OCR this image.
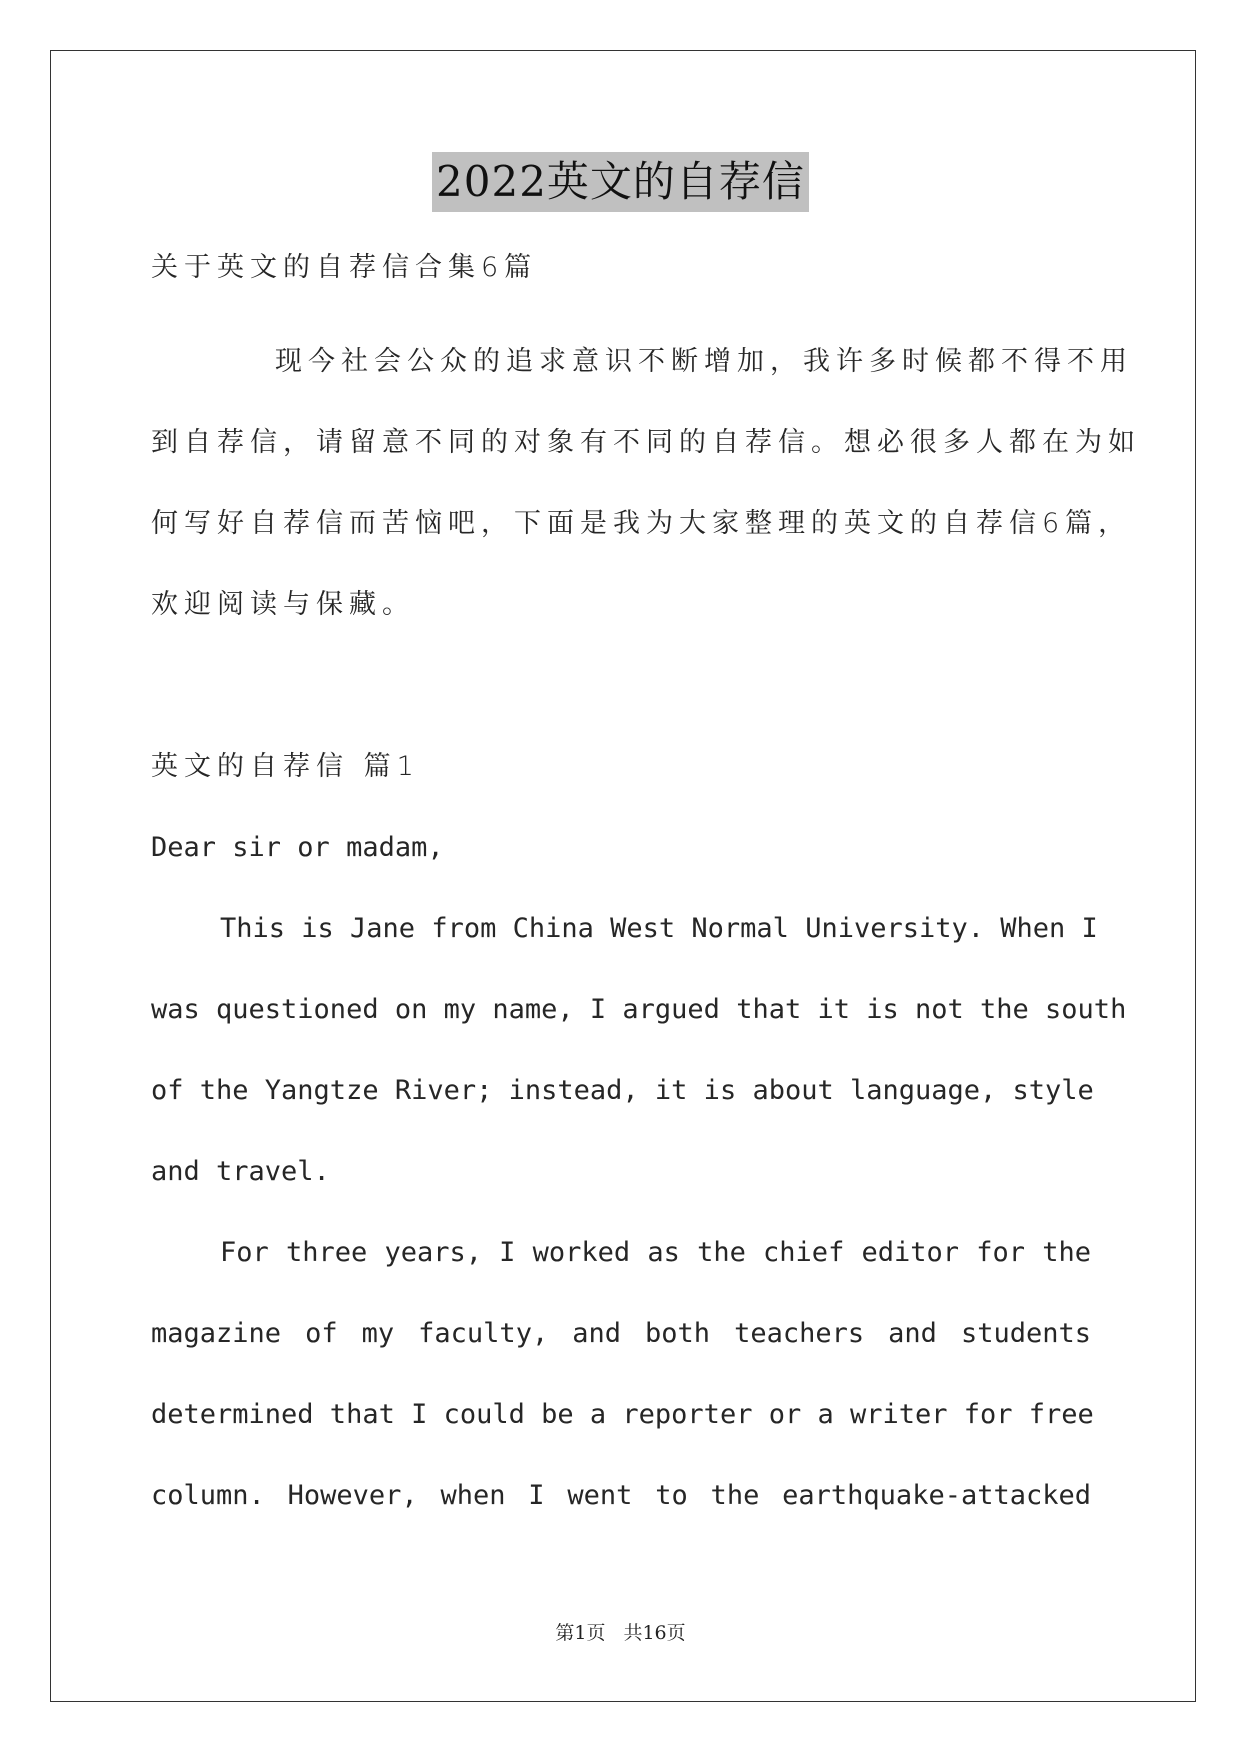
2022英文的自荐信
关于英文的自荐信合集6篇
现今社会公众的追求意识不断增加，我许多时候都不得不用
到自荐信，请留意不同的对象有不同的自荐信。想必很多人都在为如
何写好自荐信而苦恼吧，下面是我为大家整理的英文的自荐信6篇，
欢迎阅读与保藏。
英文的自荐信 篇1
Dear sir or madam,
This is Jane from China West Normal University. When I
was questioned on my name, I argued that it is not the south
of the Yangtze River; instead, it is about language, style
and travel.
For three years, I worked as the chief editor for the
magazine of my faculty, and both teachers and students
determined that I could be a reporter or a writer for free
column. However, when I went to the earthquake-attacked
第1页 共16页
